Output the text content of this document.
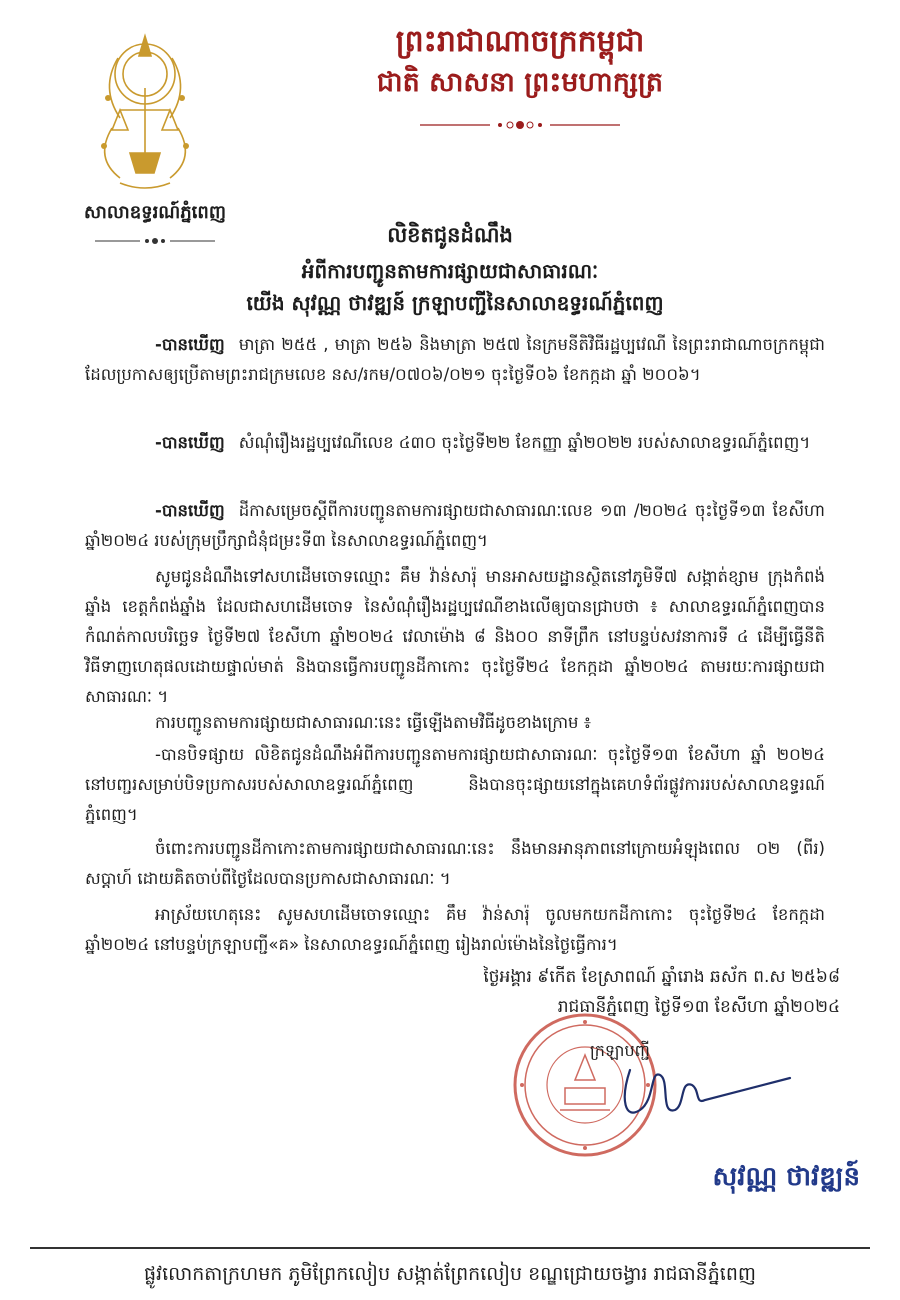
ព្រះរាជាណាចក្រកម្ពុជា
ជាតិ សាសនា ព្រះមហាក្សត្រ
សាលាឧទ្ធរណ៍ភ្នំពេញ
លិខិតជូនដំណឹង
អំពីការបញ្ជូនតាមការផ្សាយជាសាធារណៈ
យើង សុវណ្ណ ថាវឌ្ឍន៍ ក្រឡាបញ្ជីនៃសាលាឧទ្ធរណ៍ភ្នំពេញ
-បានឃើញ មាត្រា ២៥៥ , មាត្រា ២៥៦ និងមាត្រា ២៥៧ នៃក្រមនីតិវិធីរដ្ឋប្បវេណី នៃព្រះរាជាណាចក្រកម្ពុជា ដែលប្រកាសឲ្យប្រើតាមព្រះរាជក្រមលេខ នស/រកម/០៧០៦/០២១ ចុះថ្ងៃទី០៦ ខែកក្កដា ឆ្នាំ ២០០៦។
-បានឃើញ សំណុំរឿងរដ្ឋប្បវេណីលេខ ៤៣០ ចុះថ្ងៃទី២២ ខែកញ្ញា ឆ្នាំ២០២២ របស់សាលាឧទ្ធរណ៍ភ្នំពេញ។
-បានឃើញ ដីកាសម្រេចស្តីពីការបញ្ជូនតាមការផ្សាយជាសាធារណៈលេខ ១៣ /២០២៤ ចុះថ្ងៃទី១៣ ខែសីហា ឆ្នាំ២០២៤ របស់ក្រុមប្រឹក្សាជំនុំជម្រះទី៣ នៃសាលាឧទ្ធរណ៍ភ្នំពេញ។
សូមជូនដំណឹងទៅសហដើមចោទឈ្មោះ គឹម វ៉ាន់សារ៉ុ មានអាសយដ្ឋានស្ថិតនៅភូមិទី៧ សង្កាត់ខ្សាម ក្រុងកំពង់ឆ្នាំង ខេត្តកំពង់ឆ្នាំង ដែលជាសហដើមចោទ នៃសំណុំរឿងរដ្ឋប្បវេណីខាងលើឲ្យបានជ្រាបថា ៖ សាលាឧទ្ធរណ៍ភ្នំពេញបានកំណត់កាលបរិច្ឆេទ ថ្ងៃទី២៧ ខែសីហា ឆ្នាំ២០២៤ វេលាម៉ោង ៨ និង០០ នាទីព្រឹក នៅបន្ទប់សវនាការទី ៤ ដើម្បីធ្វើនីតិវិធីទាញហេតុផលដោយផ្ទាល់មាត់ និងបានធ្វើការបញ្ជូនដីកាកោះ ចុះថ្ងៃទី២៤ ខែកក្កដា ឆ្នាំ២០២៤ តាមរយៈការផ្សាយជាសាធារណៈ ។
ការបញ្ជូនតាមការផ្សាយជាសាធារណៈនេះ ធ្វើឡើងតាមវិធីដូចខាងក្រោម ៖
-បានបិទផ្សាយ លិខិតជូនដំណឹងអំពីការបញ្ជូនតាមការផ្សាយជាសាធារណៈ ចុះថ្ងៃទី១៣ ខែសីហា ឆ្នាំ ២០២៤ នៅបញ្ជរសម្រាប់បិទប្រកាសរបស់សាលាឧទ្ធរណ៍ភ្នំពេញ និងបានចុះផ្សាយនៅក្នុងគេហទំព័រផ្លូវការរបស់សាលាឧទ្ធរណ៍ភ្នំពេញ។
ចំពោះការបញ្ជូនដីកាកោះតាមការផ្សាយជាសាធារណៈនេះ នឹងមានអានុភាពនៅក្រោយអំឡុងពេល ០២ (ពីរ) សប្តាហ៍ ដោយគិតចាប់ពីថ្ងៃដែលបានប្រកាសជាសាធារណៈ ។
អាស្រ័យហេតុនេះ សូមសហដើមចោទឈ្មោះ គឹម វ៉ាន់សារ៉ុ ចូលមកយកដីកាកោះ ចុះថ្ងៃទី២៤ ខែកក្កដា ឆ្នាំ២០២៤ នៅបន្ទប់ក្រឡាបញ្ជី«គ» នៃសាលាឧទ្ធរណ៍ភ្នំពេញ រៀងរាល់ម៉ោងនៃថ្ងៃធ្វើការ។
ថ្ងៃអង្គារ ៩កើត ខែស្រាពណ៍ ឆ្នាំរោង ឆស័ក ព.ស ២៥៦៨
រាជធានីភ្នំពេញ ថ្ងៃទី១៣ ខែសីហា ឆ្នាំ២០២៤
ក្រឡាបញ្ជី
សុវណ្ណ ថាវឌ្ឍន៍
ផ្លូវលោកតាក្រហមក ភូមិព្រែកលៀប សង្កាត់ព្រែកលៀប ខណ្ឌជ្រោយចង្វារ រាជធានីភ្នំពេញ
